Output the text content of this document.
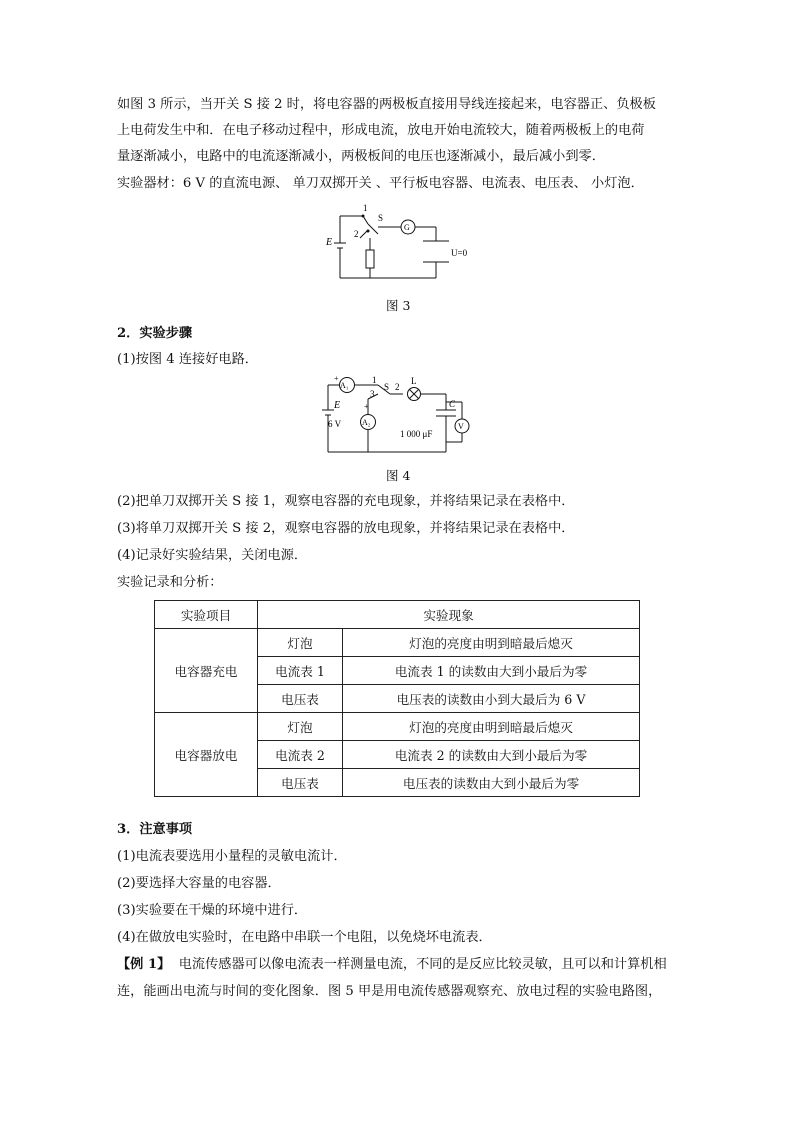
如图 3 所示，当开关 S 接 2 时，将电容器的两极板直接用导线连接起来，电容器正、负极板
上电荷发生中和．在电子移动过程中，形成电流，放电开始电流较大，随着两极板上的电荷
量逐渐减小，电路中的电流逐渐减小，两极板间的电压也逐渐减小，最后减小到零．
实验器材：6 V 的直流电源、 单刀双掷开关 、平行板电容器、电流表、电压表、 小灯泡．
1
S
2
G
E
U=0
图 3
2．实验步骤
(1)按图 4 连接好电路．
A₁
A₂
1
3
S 2
L
E
6 V
C
1 000 μF
V
+
+
图 4
(2)把单刀双掷开关 S 接 1，观察电容器的充电现象，并将结果记录在表格中．
(3)将单刀双掷开关 S 接 2，观察电容器的放电现象，并将结果记录在表格中．
(4)记录好实验结果，关闭电源．
实验记录和分析：
实验项目	实验现象	
电容器充电	灯泡	灯泡的亮度由明到暗最后熄灭
	电流表 1	电流表 1 的读数由大到小最后为零
	电压表	电压表的读数由小到大最后为 6 V
电容器放电	灯泡	灯泡的亮度由明到暗最后熄灭
	电流表 2	电流表 2 的读数由大到小最后为零
	电压表	电压表的读数由大到小最后为零
3．注意事项
(1)电流表要选用小量程的灵敏电流计．
(2)要选择大容量的电容器．
(3)实验要在干燥的环境中进行．
(4)在做放电实验时，在电路中串联一个电阻，以免烧坏电流表．
【例 1】 电流传感器可以像电流表一样测量电流，不同的是反应比较灵敏，且可以和计算机相
连，能画出电流与时间的变化图象．图 5 甲是用电流传感器观察充、放电过程的实验电路图，
